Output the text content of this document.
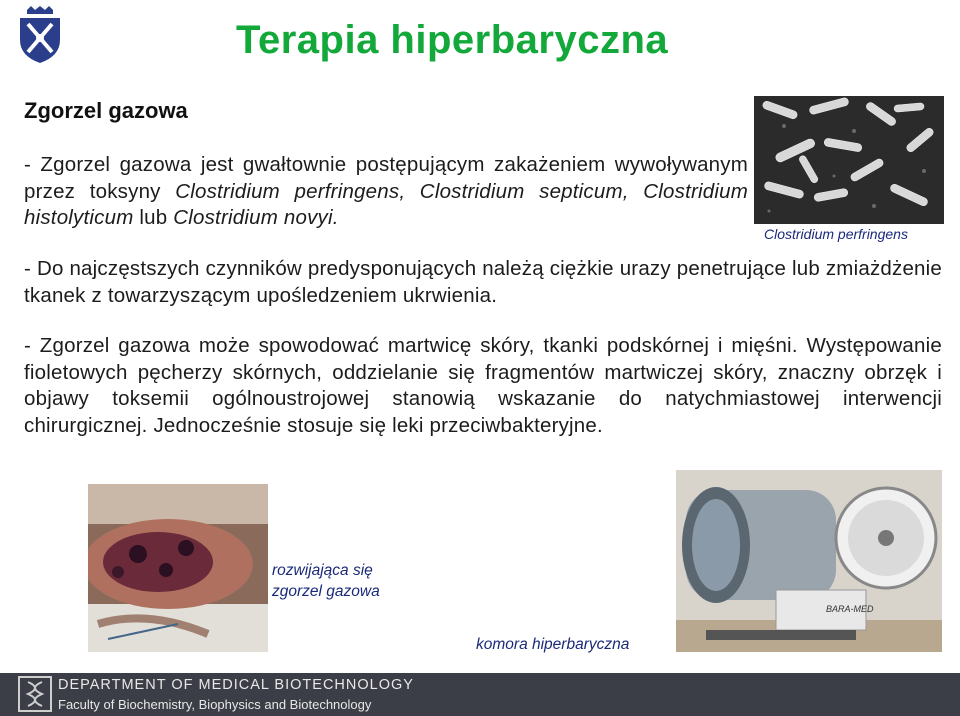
Terapia hiperbaryczna
Zgorzel gazowa
- Zgorzel gazowa jest gwałtownie postępującym zakażeniem wywoływanym przez toksyny Clostridium perfringens, Clostridium septicum, Clostridium histolyticum lub Clostridium novyi.
- Do najczęstszych czynników predysponujących należą ciężkie urazy penetrujące lub zmiażdżenie tkanek z towarzyszącym upośledzeniem ukrwienia.
- Zgorzel gazowa może spowodować martwicę skóry, tkanki podskórnej i mięśni. Występowanie fioletowych pęcherzy skórnych, oddzielanie się fragmentów martwiczej skóry, znaczny obrzęk i objawy toksemii ogólnoustrojowej stanowią wskazanie do natychmiastowej interwencji chirurgicznej. Jednocześnie stosuje się leki przeciwbakteryjne.
Clostridium perfringens
rozwijająca się
zgorzel gazowa
BARA-MED
komora hiperbaryczna
DEPARTMENT OF MEDICAL BIOTECHNOLOGY
Faculty of Biochemistry, Biophysics and Biotechnology
